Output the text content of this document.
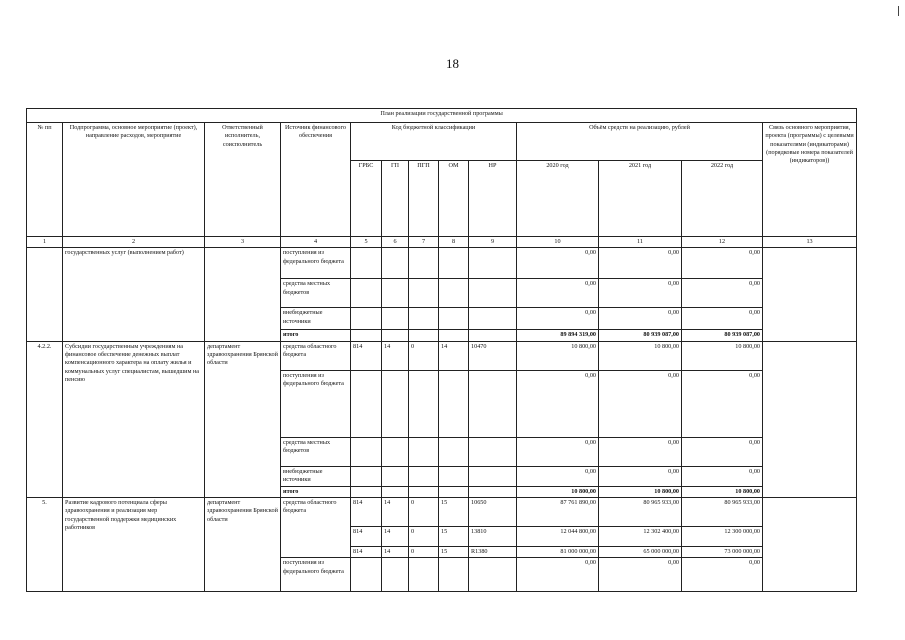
18
План реализации государственной программы												
№ пп	Подпрограмма, основное мероприятие (проект), направление расходов, мероприятие	Ответственный исполнитель, соисполнитель	Источник финансового обеспечения	Код бюджетной классификации					Объём средств на реализацию, рублей			Связь основного мероприятия, проекта (программы) с целевыми показателями (индикаторами) (порядковые номера показателей (индикаторов))
				ГРБС	ГП	ПГП	ОМ	НР	2020 год	2021 год	2022 год	
1	2	3	4	5	6	7	8	9	10	11	12	13
	государственных услуг (выполнением работ)		поступления из федерального бюджета						0,00	0,00	0,00	
			средства местных бюджетов						0,00	0,00	0,00	
			внебюджетные источники						0,00	0,00	0,00	
			итого						89 894 319,00	80 939 087,00	80 939 087,00	
4.2.2.	Субсидии государственным учреждениям на финансовое обеспечение денежных выплат компенсационного характера на оплату жилья и коммунальных услуг специалистам, вышедшим на пенсию	департамент здравоохранения Брянской области	средства областного бюджета	814	14	0	14	10470	10 800,00	10 800,00	10 800,00	
			поступления из федерального бюджета						0,00	0,00	0,00	
			средства местных бюджетов						0,00	0,00	0,00	
			внебюджетные источники						0,00	0,00	0,00	
			итого						10 800,00	10 800,00	10 800,00	
5.	Развитие кадрового потенциала сферы здравоохранения и реализация мер государственной поддержки медицинских работников	департамент здравоохранения Брянской области	средства областного бюджета	814	14	0	15	10650	87 761 890,00	80 965 933,00	80 965 933,00	
				814	14	0	15	13810	12 044 800,00	12 302 400,00	12 300 000,00	
				814	14	0	15	R1380	81 000 000,00	65 000 000,00	73 000 000,00	
			поступления из федерального бюджета						0,00	0,00	0,00	
